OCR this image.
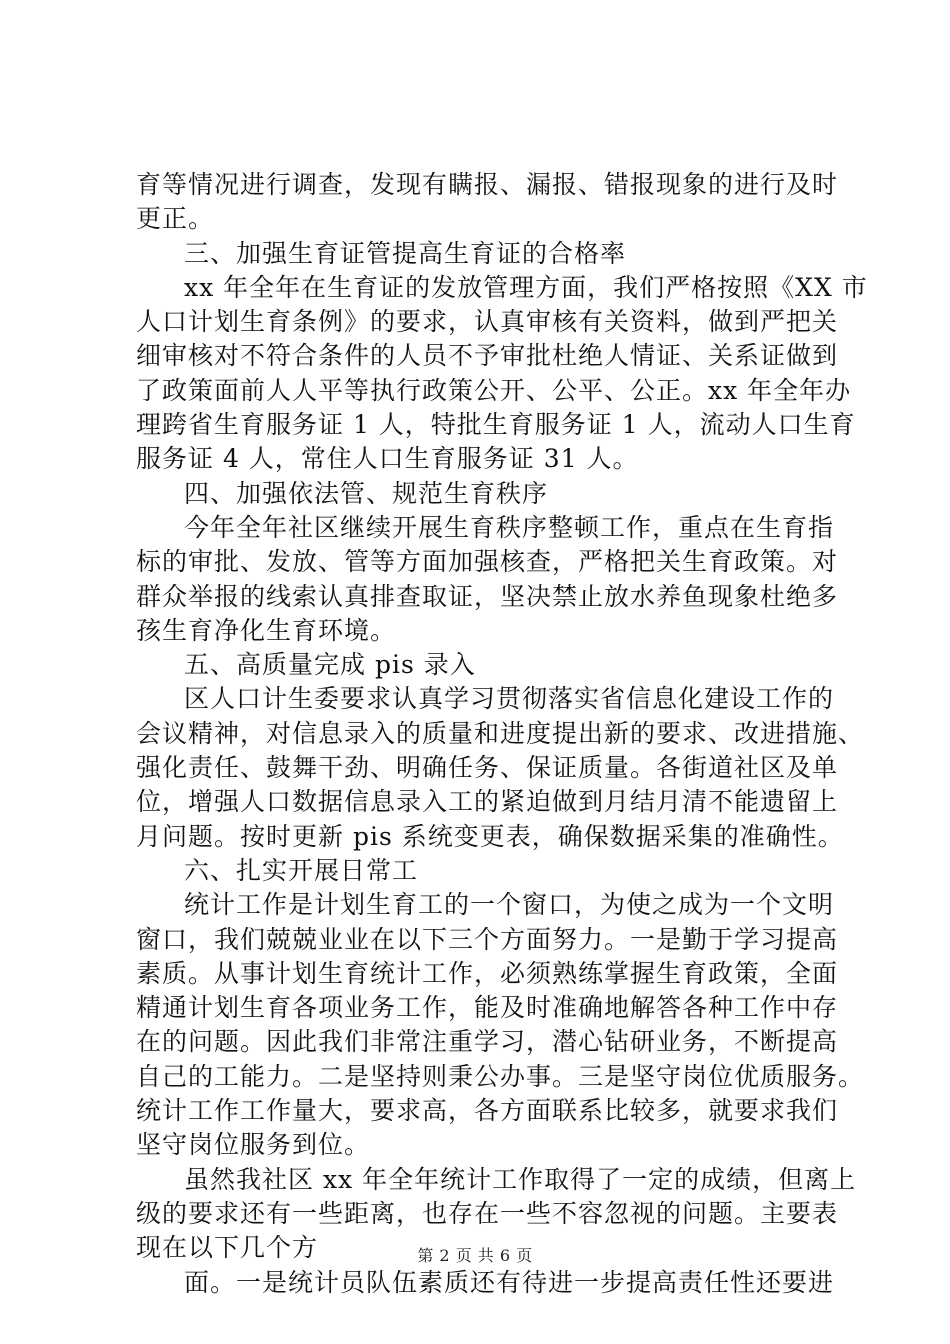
育等情况进行调查，发现有瞒报、漏报、错报现象的进行及时
更正。
三、加强生育证管提高生育证的合格率
xx 年全年在生育证的发放管理方面，我们严格按照《XX 市
人口计划生育条例》的要求，认真审核有关资料，做到严把关
细审核对不符合条件的人员不予审批杜绝人情证、关系证做到
了政策面前人人平等执行政策公开、公平、公正。xx 年全年办
理跨省生育服务证 1 人，特批生育服务证 1 人，流动人口生育
服务证 4 人，常住人口生育服务证 31 人。
四、加强依法管、规范生育秩序
今年全年社区继续开展生育秩序整顿工作，重点在生育指
标的审批、发放、管等方面加强核查，严格把关生育政策。对
群众举报的线索认真排查取证，坚决禁止放水养鱼现象杜绝多
孩生育净化生育环境。
五、高质量完成 pis 录入
区人口计生委要求认真学习贯彻落实省信息化建设工作的
会议精神，对信息录入的质量和进度提出新的要求、改进措施、
强化责任、鼓舞干劲、明确任务、保证质量。各街道社区及单
位，增强人口数据信息录入工的紧迫做到月结月清不能遗留上
月问题。按时更新 pis 系统变更表，确保数据采集的准确性。
六、扎实开展日常工
统计工作是计划生育工的一个窗口，为使之成为一个文明
窗口，我们兢兢业业在以下三个方面努力。一是勤于学习提高
素质。从事计划生育统计工作，必须熟练掌握生育政策，全面
精通计划生育各项业务工作，能及时准确地解答各种工作中存
在的问题。因此我们非常注重学习，潜心钻研业务，不断提高
自己的工能力。二是坚持则秉公办事。三是坚守岗位优质服务。
统计工作工作量大，要求高，各方面联系比较多，就要求我们
坚守岗位服务到位。
虽然我社区 xx 年全年统计工作取得了一定的成绩，但离上
级的要求还有一些距离，也存在一些不容忽视的问题。主要表
现在以下几个方
面。一是统计员队伍素质还有待进一步提高责任性还要进
第 2 页 共 6 页
